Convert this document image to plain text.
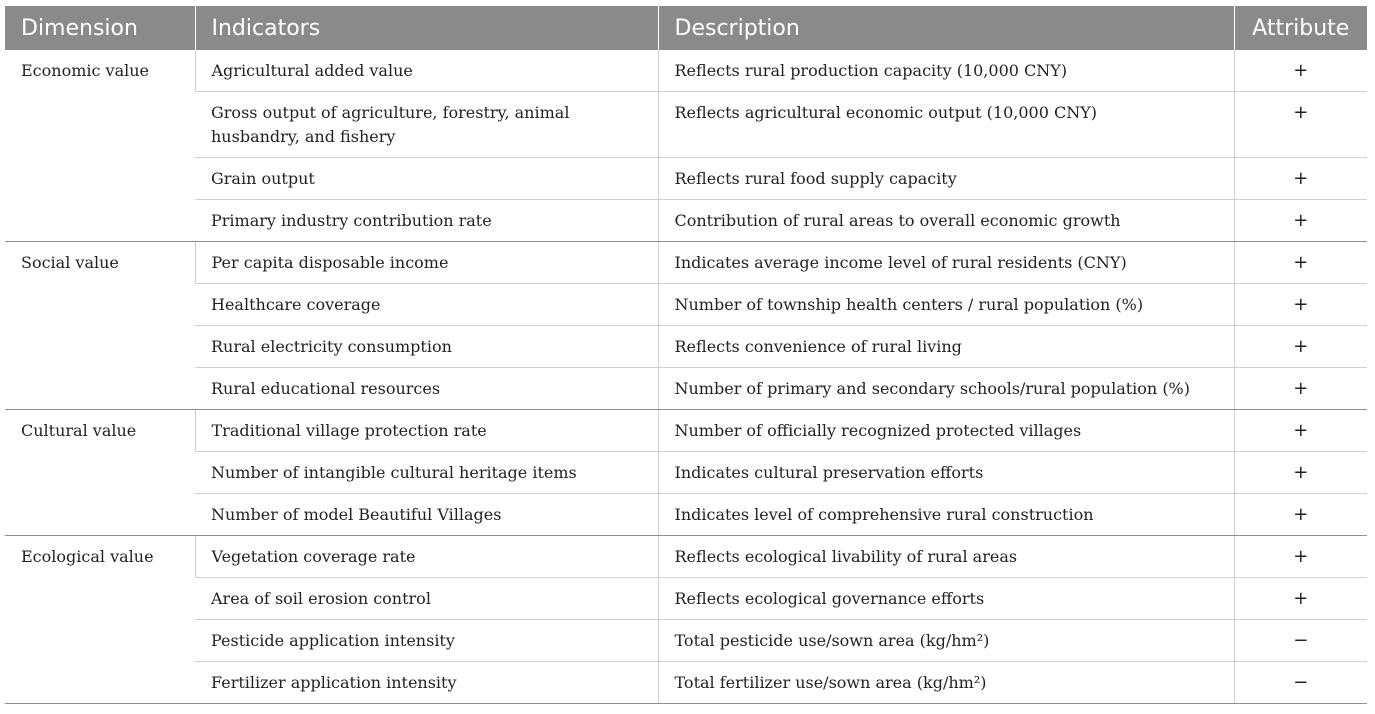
Dimension	Indicators	Description	Attribute
Economic value	Agricultural added value	Reflects rural production capacity (10,000 CNY)	+
	Gross output of agriculture, forestry, animal husbandry, and fishery	Reflects agricultural economic output (10,000 CNY)	+
	Grain output	Reflects rural food supply capacity	+
	Primary industry contribution rate	Contribution of rural areas to overall economic growth	+
Social value	Per capita disposable income	Indicates average income level of rural residents (CNY)	+
	Healthcare coverage	Number of township health centers / rural population (%)	+
	Rural electricity consumption	Reflects convenience of rural living	+
	Rural educational resources	Number of primary and secondary schools/rural population (%)	+
Cultural value	Traditional village protection rate	Number of officially recognized protected villages	+
	Number of intangible cultural heritage items	Indicates cultural preservation efforts	+
	Number of model Beautiful Villages	Indicates level of comprehensive rural construction	+
Ecological value	Vegetation coverage rate	Reflects ecological livability of rural areas	+
	Area of soil erosion control	Reflects ecological governance efforts	+
	Pesticide application intensity	Total pesticide use/sown area (kg/hm²)	−
	Fertilizer application intensity	Total fertilizer use/sown area (kg/hm²)	−
